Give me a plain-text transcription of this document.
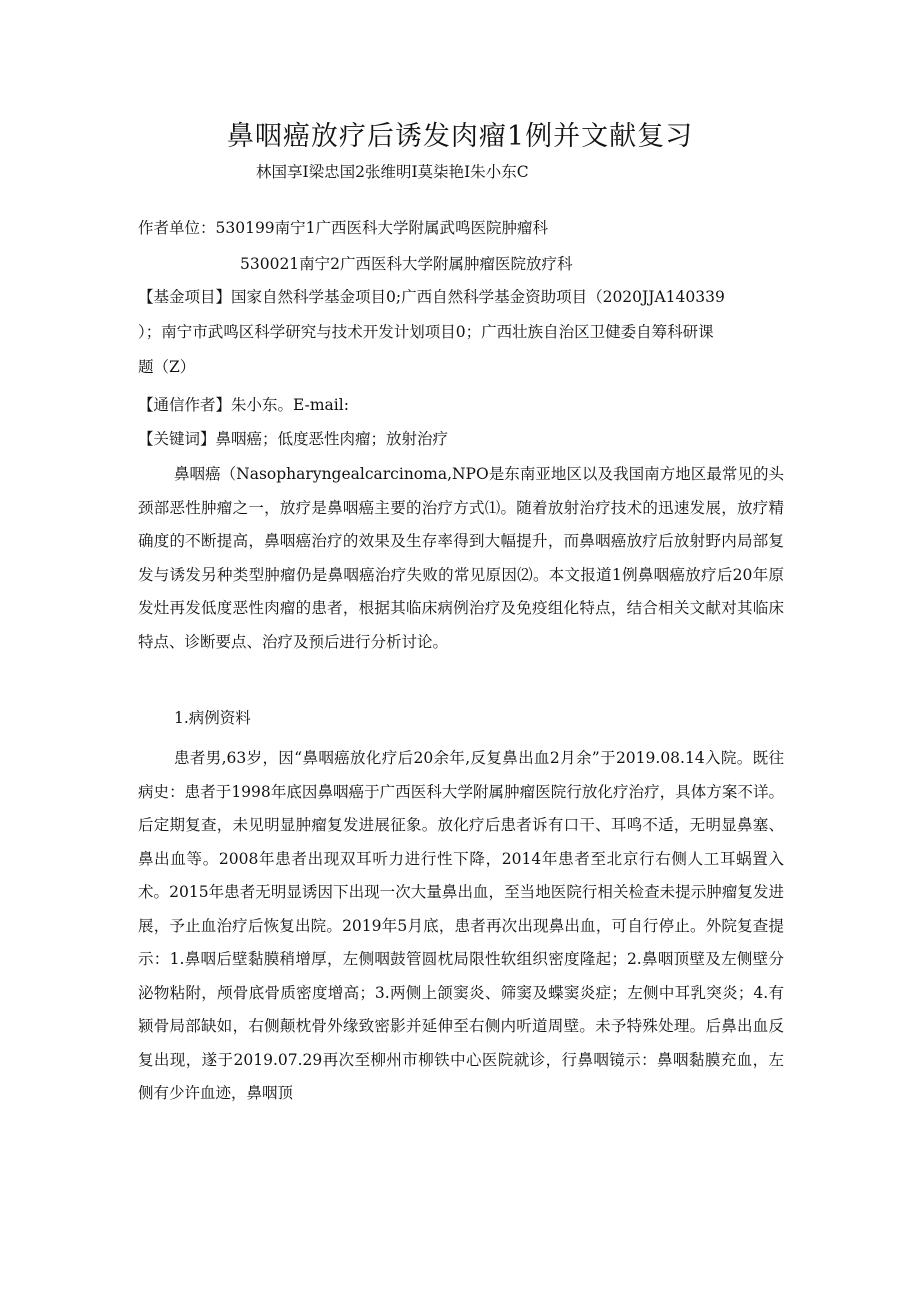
鼻咽癌放疗后诱发肉瘤1例并文献复习
林国享I梁忠国2张维明I莫柒艳I朱小东C
作者单位：530199南宁1广西医科大学附属武鸣医院肿瘤科
530021南宁2广西医科大学附属肿瘤医院放疗科
【基金项目】国家自然科学基金项目0;广西自然科学基金资助项目（2020JJA140339
）；南宁市武鸣区科学研究与技术开发计划项目0；广西壮族自治区卫健委自筹科研课
题（Z）
【通信作者】朱小东。E-mail:
【关键词】鼻咽癌；低度恶性肉瘤；放射治疗

鼻咽癌（Nasopharyngealcarcinoma,NPO是东南亚地区以及我国南方地区最常见的头颈部恶性肿瘤之一，放疗是鼻咽癌主要的治疗方式⑴。随着放射治疗技术的迅速发展，放疗精确度的不断提高，鼻咽癌治疗的效果及生存率得到大幅提升，而鼻咽癌放疗后放射野内局部复发与诱发另种类型肿瘤仍是鼻咽癌治疗失败的常见原因⑵。本文报道1例鼻咽癌放疗后20年原发灶再发低度恶性肉瘤的患者，根据其临床病例治疗及免疫组化特点，结合相关文献对其临床特点、诊断要点、治疗及预后进行分析讨论。

1.病例资料

患者男,63岁，因“鼻咽癌放化疗后20余年,反复鼻出血2月余”于2019.08.14入院。既往病史：患者于1998年底因鼻咽癌于广西医科大学附属肿瘤医院行放化疗治疗，具体方案不详。后定期复查，未见明显肿瘤复发进展征象。放化疗后患者诉有口干、耳鸣不适，无明显鼻塞、鼻出血等。2008年患者出现双耳听力进行性下降，2014年患者至北京行右侧人工耳蜗置入术。2015年患者无明显诱因下出现一次大量鼻出血，至当地医院行相关检查未提示肿瘤复发进展，予止血治疗后恢复出院。2019年5月底，患者再次出现鼻出血，可自行停止。外院复查提示：1.鼻咽后壁黏膜稍增厚，左侧咽鼓管圆枕局限性软组织密度隆起；2.鼻咽顶壁及左侧壁分泌物粘附，颅骨底骨质密度增高；3.两侧上颌窦炎、筛窦及蝶窦炎症；左侧中耳乳突炎；4.有颍骨局部缺如，右侧颠枕骨外缘致密影并延伸至右侧内听道周壁。未予特殊处理。后鼻出血反复出现，遂于2019.07.29再次至柳州市柳铁中心医院就诊，行鼻咽镜示：鼻咽黏膜充血，左侧有少许血迹，鼻咽顶
